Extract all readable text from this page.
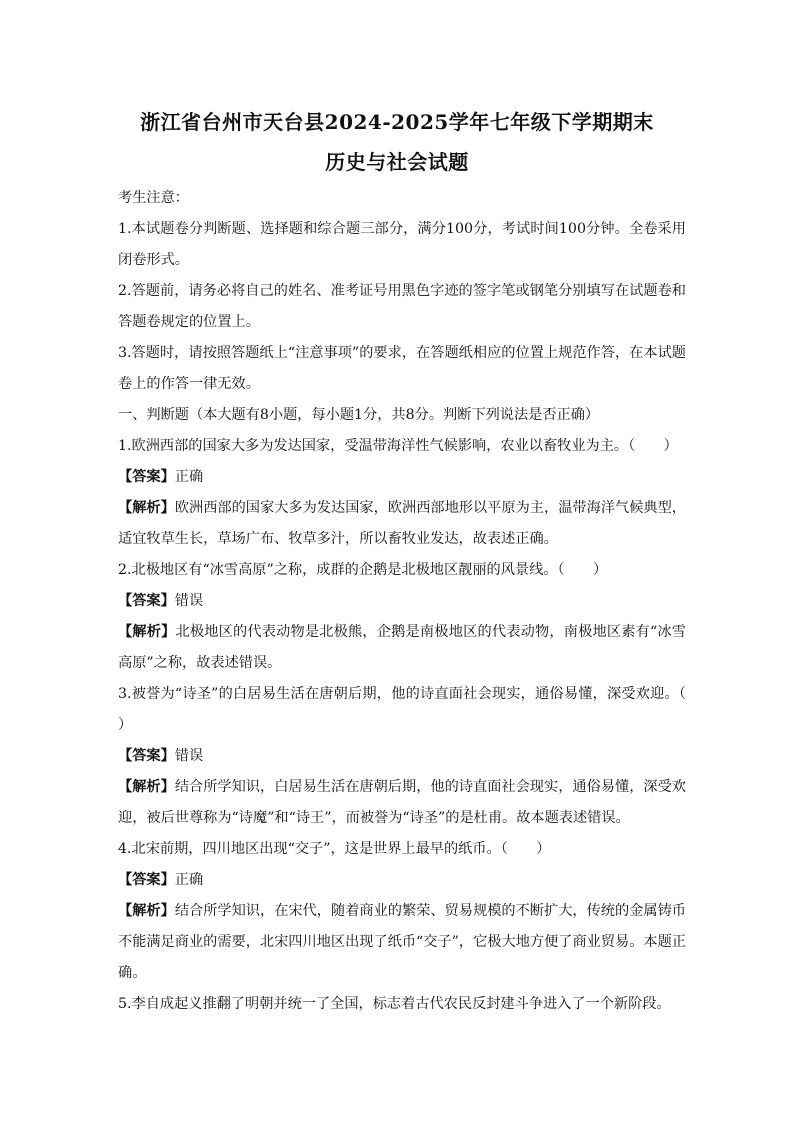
浙江省台州市天台县2024-2025学年七年级下学期期末
历史与社会试题

考生注意：

1.本试题卷分判断题、选择题和综合题三部分，满分100分，考试时间100分钟。全卷采用闭卷形式。

2.答题前，请务必将自己的姓名、准考证号用黑色字迹的签字笔或钢笔分别填写在试题卷和答题卷规定的位置上。

3.答题时，请按照答题纸上“注意事项”的要求，在答题纸相应的位置上规范作答，在本试题卷上的作答一律无效。

一、判断题（本大题有8小题，每小题1分，共8分。判断下列说法是否正确）

1.欧洲西部的国家大多为发达国家，受温带海洋性气候影响，农业以畜牧业为主。（　　）

【答案】正确

【解析】欧洲西部的国家大多为发达国家，欧洲西部地形以平原为主，温带海洋气候典型，适宜牧草生长，草场广布、牧草多汁，所以畜牧业发达，故表述正确。

2.北极地区有“冰雪高原”之称，成群的企鹅是北极地区靓丽的风景线。（　　）

【答案】错误

【解析】北极地区的代表动物是北极熊，企鹅是南极地区的代表动物，南极地区素有“冰雪高原”之称，故表述错误。

3.被誉为“诗圣”的白居易生活在唐朝后期，他的诗直面社会现实，通俗易懂，深受欢迎。（　　）

【答案】错误

【解析】结合所学知识，白居易生活在唐朝后期，他的诗直面社会现实，通俗易懂，深受欢迎，被后世尊称为“诗魔”和“诗王”，而被誉为“诗圣”的是杜甫。故本题表述错误。

4.北宋前期，四川地区出现“交子”，这是世界上最早的纸币。（　　）

【答案】正确

【解析】结合所学知识，在宋代，随着商业的繁荣、贸易规模的不断扩大，传统的金属铸币不能满足商业的需要，北宋四川地区出现了纸币“交子”，它极大地方便了商业贸易。本题正确。

5.李自成起义推翻了明朝并统一了全国，标志着古代农民反封建斗争进入了一个新阶段。
